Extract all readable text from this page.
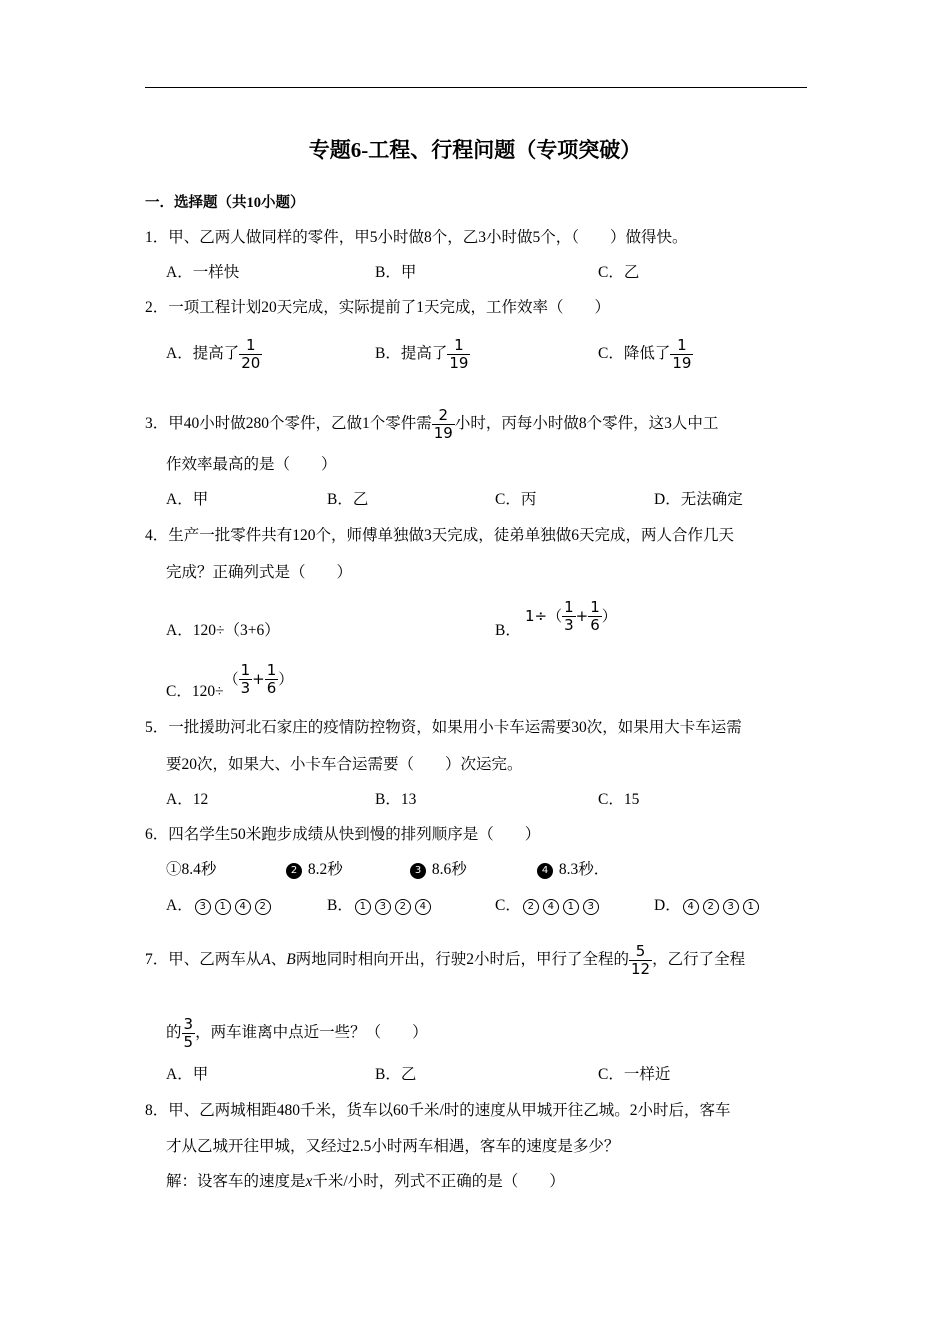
专题6-工程、行程问题（专项突破）
一．选择题（共10小题）
1．甲、乙两人做同样的零件，甲5小时做8个，乙3小时做5个，（　　）做得快。
A．一样快	B．甲	C．乙
2．一项工程计划20天完成，实际提前了1天完成，工作效率（　　）
A．提高了 $\frac{1}{20}$	B．提高了 $\frac{1}{19}$	C．降低了 $\frac{1}{19}$
3．甲40小时做280个零件，乙做1个零件需 $\frac{2}{19}$ 小时，丙每小时做8个零件，这3人中工
作效率最高的是（　　）
A．甲	B．乙	C．丙	D．无法确定
4．生产一批零件共有120个，师傅单独做3天完成，徒弟单独做6天完成，两人合作几天
完成？正确列式是（　　）
A．120÷（3+6）	B．
$1\div( \frac{1}{3} + \frac{1}{6}$ ）
C．$120\div( \frac{1}{3} + \frac{1}{6}$ ）
5．一批援助河北石家庄的疫情防控物资，如果用小卡车运需要30次，如果用大卡车运需
要20次，如果大、小卡车合运需要（　　）次运完。
A．12	B．13	C．15
6．四名学生50米跑步成绩从快到慢的排列顺序是（　　）
①8.4秒	2 8.2秒	3 8.6秒	4 8.3秒．
A． 3 1 4 2	B． 1 3 2 4	C． 2 4 1 3	D． 4 2 3 1
7．甲、乙两车从A、B两地同时相向开出，行驶2小时后，甲行了全程的 $\frac{5}{12}$ ，乙行了全程
的 $\frac{3}{5}$ ，两车谁离中点近一些？（　　）
A．甲	B．乙	C．一样近
8．甲、乙两城相距480千米，货车以60千米/时的速度从甲城开往乙城。2小时后，客车
才从乙城开往甲城，又经过2.5小时两车相遇，客车的速度是多少？
解：设客车的速度是x千米/小时，列式不正确的是（　　）
